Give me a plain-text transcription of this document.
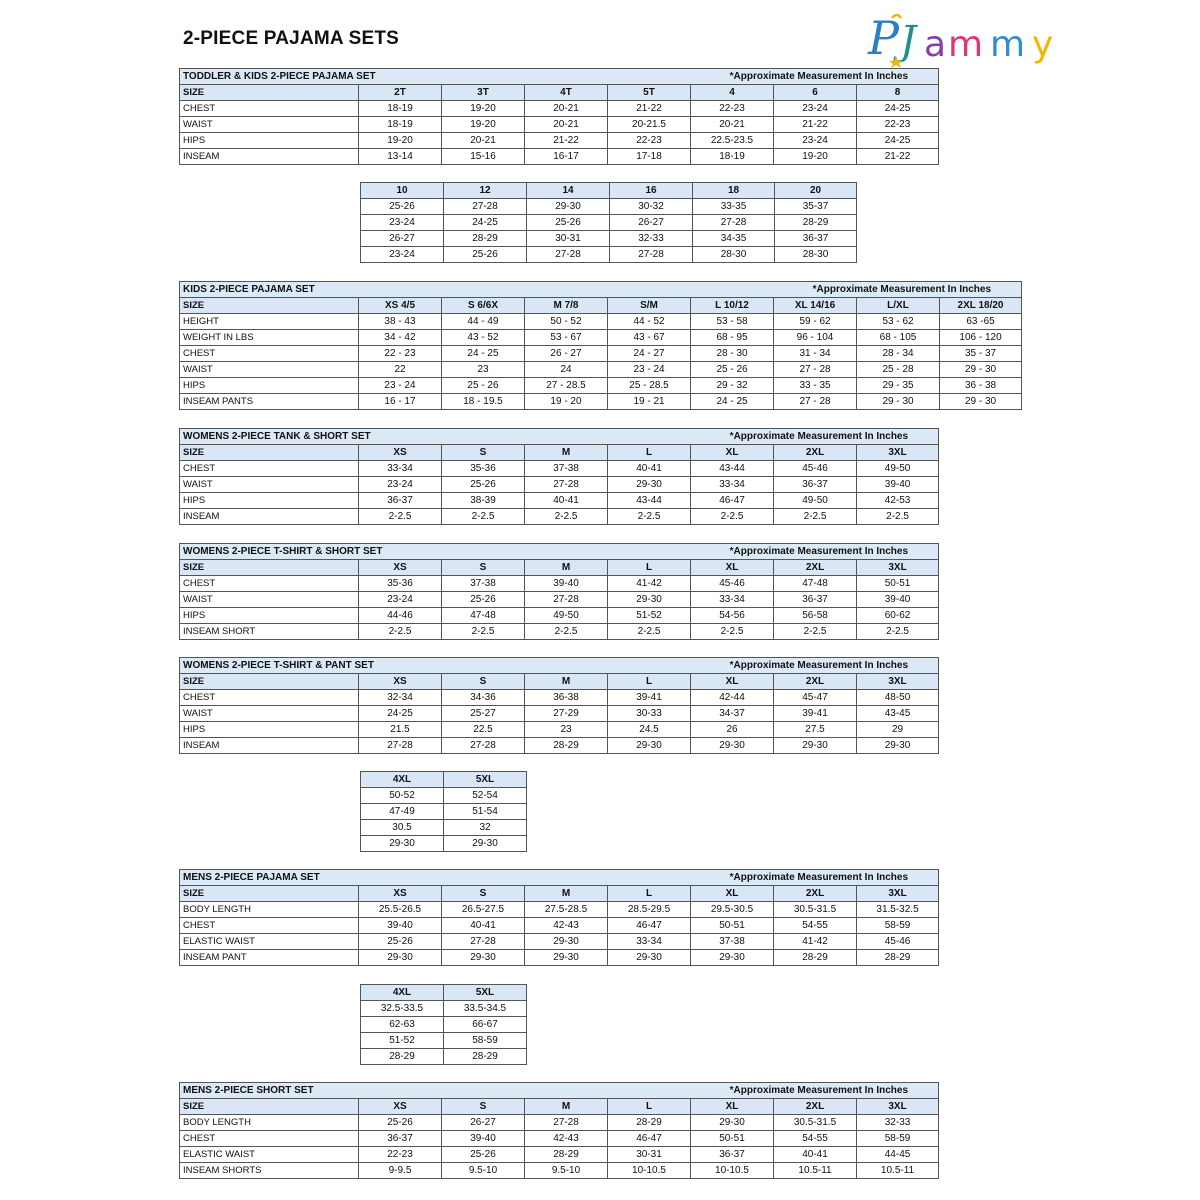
2-PIECE PAJAMA SETS	P J a m m y
TODDLER & KIDS 2-PIECE PAJAMA SET				*Approximate Measurement In Inches			
SIZE	2T	3T	4T	5T	4	6	8
CHEST	18-19	19-20	20-21	21-22	22-23	23-24	24-25
WAIST	18-19	19-20	20-21	20-21.5	20-21	21-22	22-23
HIPS	19-20	20-21	21-22	22-23	22.5-23.5	23-24	24-25
INSEAM	13-14	15-16	16-17	17-18	18-19	19-20	21-22
10	12	14	16	18	20
25-26	27-28	29-30	30-32	33-35	35-37
23-24	24-25	25-26	26-27	27-28	28-29
26-27	28-29	30-31	32-33	34-35	36-37
23-24	25-26	27-28	27-28	28-30	28-30
KIDS 2-PIECE PAJAMA SET					*Approximate Measurement In Inches			
SIZE	XS 4/5	S 6/6X	M 7/8	S/M	L 10/12	XL 14/16	L/XL	2XL 18/20
HEIGHT	38 - 43	44 - 49	50 - 52	44 - 52	53 - 58	59 - 62	53 - 62	63 -65
WEIGHT IN LBS	34 - 42	43 - 52	53 - 67	43 - 67	68 - 95	96 - 104	68 - 105	106 - 120
CHEST	22 - 23	24 - 25	26 - 27	24 - 27	28 - 30	31 - 34	28 - 34	35 - 37
WAIST	22	23	24	23 - 24	25 - 26	27 - 28	25 - 28	29 - 30
HIPS	23 - 24	25 - 26	27 - 28.5	25 - 28.5	29 - 32	33 - 35	29 - 35	36 - 38
INSEAM PANTS	16 - 17	18 - 19.5	19 - 20	19 - 21	24 - 25	27 - 28	29 - 30	29 - 30
WOMENS 2-PIECE TANK & SHORT SET				*Approximate Measurement In Inches			
SIZE	XS	S	M	L	XL	2XL	3XL
CHEST	33-34	35-36	37-38	40-41	43-44	45-46	49-50
WAIST	23-24	25-26	27-28	29-30	33-34	36-37	39-40
HIPS	36-37	38-39	40-41	43-44	46-47	49-50	42-53
INSEAM	2-2.5	2-2.5	2-2.5	2-2.5	2-2.5	2-2.5	2-2.5
WOMENS 2-PIECE T-SHIRT & SHORT SET				*Approximate Measurement In Inches			
SIZE	XS	S	M	L	XL	2XL	3XL
CHEST	35-36	37-38	39-40	41-42	45-46	47-48	50-51
WAIST	23-24	25-26	27-28	29-30	33-34	36-37	39-40
HIPS	44-46	47-48	49-50	51-52	54-56	56-58	60-62
INSEAM SHORT	2-2.5	2-2.5	2-2.5	2-2.5	2-2.5	2-2.5	2-2.5
WOMENS 2-PIECE T-SHIRT & PANT SET				*Approximate Measurement In Inches			
SIZE	XS	S	M	L	XL	2XL	3XL
CHEST	32-34	34-36	36-38	39-41	42-44	45-47	48-50
WAIST	24-25	25-27	27-29	30-33	34-37	39-41	43-45
HIPS	21.5	22.5	23	24.5	26	27.5	29
INSEAM	27-28	27-28	28-29	29-30	29-30	29-30	29-30
4XL	5XL
50-52	52-54
47-49	51-54
30.5	32
29-30	29-30
MENS 2-PIECE PAJAMA SET				*Approximate Measurement In Inches			
SIZE	XS	S	M	L	XL	2XL	3XL
BODY LENGTH	25.5-26.5	26.5-27.5	27.5-28.5	28.5-29.5	29.5-30.5	30.5-31.5	31.5-32.5
CHEST	39-40	40-41	42-43	46-47	50-51	54-55	58-59
ELASTIC WAIST	25-26	27-28	29-30	33-34	37-38	41-42	45-46
INSEAM PANT	29-30	29-30	29-30	29-30	29-30	28-29	28-29
4XL	5XL
32.5-33.5	33.5-34.5
62-63	66-67
51-52	58-59
28-29	28-29
MENS 2-PIECE SHORT SET				*Approximate Measurement In Inches			
SIZE	XS	S	M	L	XL	2XL	3XL
BODY LENGTH	25-26	26-27	27-28	28-29	29-30	30.5-31.5	32-33
CHEST	36-37	39-40	42-43	46-47	50-51	54-55	58-59
ELASTIC WAIST	22-23	25-26	28-29	30-31	36-37	40-41	44-45
INSEAM SHORTS	9-9.5	9.5-10	9.5-10	10-10.5	10-10.5	10.5-11	10.5-11
